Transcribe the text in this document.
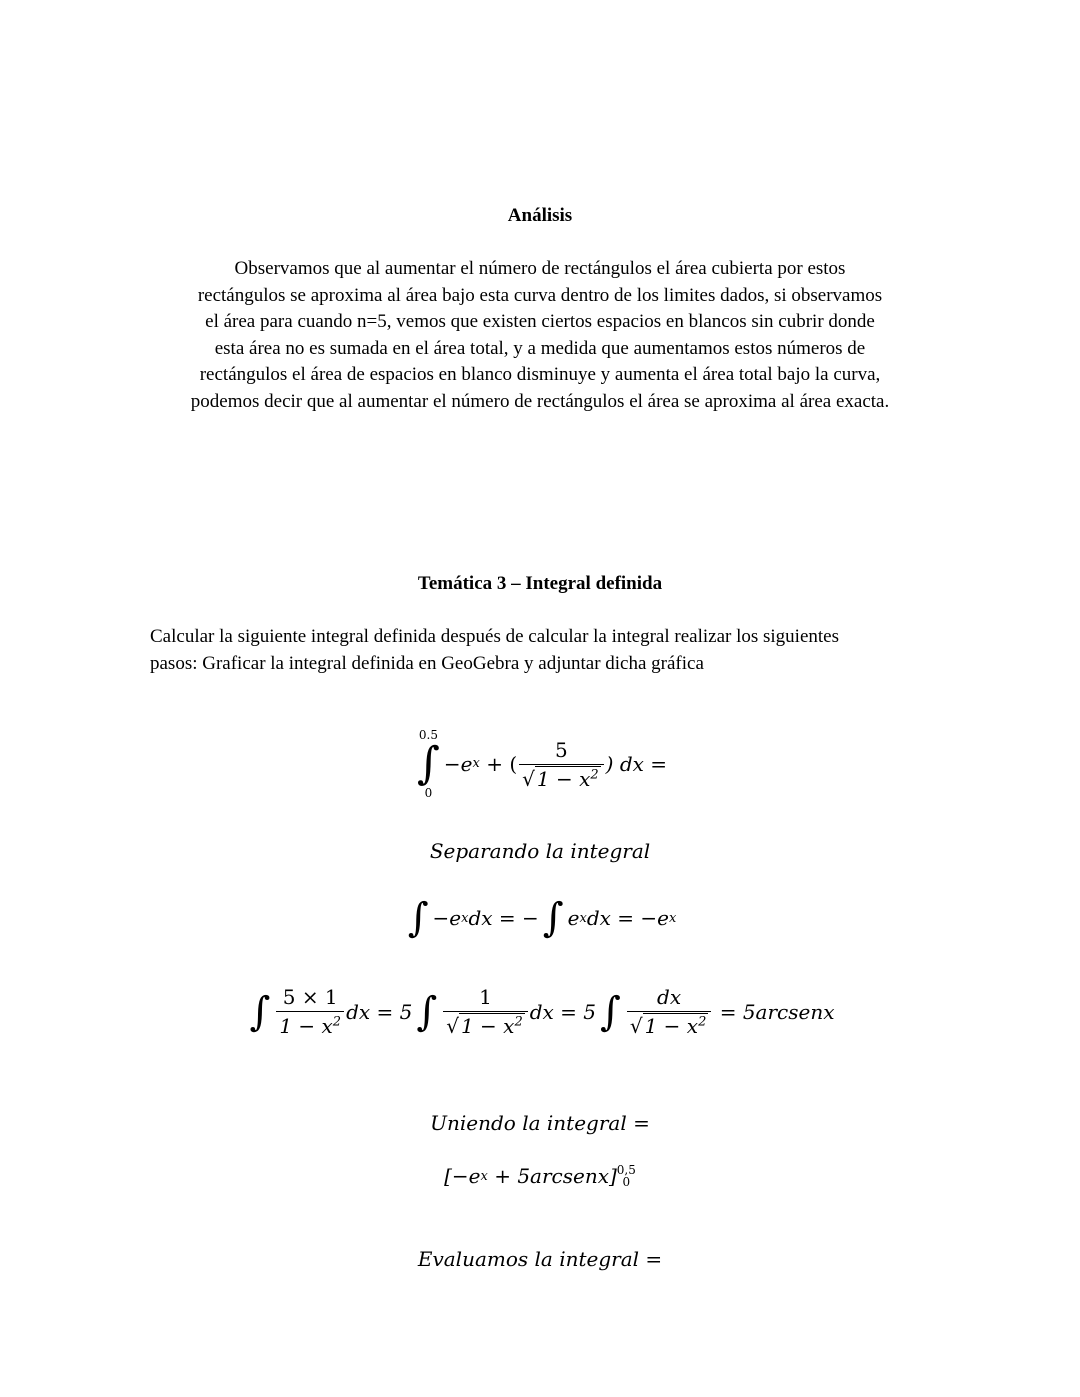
Análisis
Observamos que al aumentar el número de rectángulos el área cubierta por estos
rectángulos se aproxima al área bajo esta curva dentro de los limites dados, si observamos
el área para cuando n=5, vemos que existen ciertos espacios en blancos sin cubrir donde
esta área no es sumada en el área total, y a medida que aumentamos estos números de
rectángulos el área de espacios en blanco disminuye y aumenta el área total bajo la curva,
podemos decir que al aumentar el número de rectángulos el área se aproxima al área exacta.
Temática 3 – Integral definida
Calcular la siguiente integral definida después de calcular la integral realizar los siguientes
pasos: Graficar la integral definida en GeoGebra y adjuntar dicha gráfica
0.5
∫
0
−e x + ( $\frac{5}{√ 1 - x^2}$ ) dx =
Separando la integral
∫ −e x dx = − ∫ e x dx = −e x
∫ $\frac{5 \times 1}{1 - x^2}$ dx = 5 ∫ $\frac{1}{√ 1 - x^2}$ dx = 5 ∫ $\frac{dx}{√ 1 - x^2}$ = 5arcsenx
Uniendo la integral =
[−e x + 5arcsenx] 0,5
0
Evaluamos la integral =
